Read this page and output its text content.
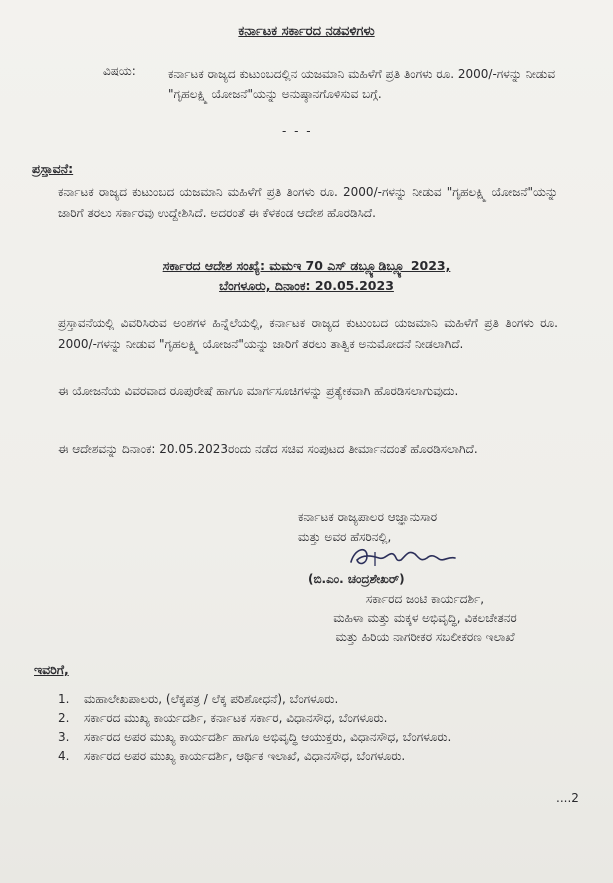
ಕರ್ನಾಟಕ ಸರ್ಕಾರದ ನಡವಳಿಗಳು

ವಿಷಯ:	ಕರ್ನಾಟಕ ರಾಜ್ಯದ ಕುಟುಂಬದಲ್ಲಿನ ಯಜಮಾನಿ ಮಹಿಳೆಗೆ ಪ್ರತಿ ತಿಂಗಳು ರೂ. 2000/-ಗಳನ್ನು ನೀಡುವ "ಗೃಹಲಕ್ಷ್ಮಿ ಯೋಜನೆ"ಯನ್ನು ಅನುಷ್ಠಾನಗೊಳಿಸುವ ಬಗ್ಗೆ.

- - -

ಪ್ರಸ್ತಾವನೆ:

ಕರ್ನಾಟಕ ರಾಜ್ಯದ ಕುಟುಂಬದ ಯಜಮಾನಿ ಮಹಿಳೆಗೆ ಪ್ರತಿ ತಿಂಗಳು ರೂ. 2000/-ಗಳನ್ನು ನೀಡುವ "ಗೃಹಲಕ್ಷ್ಮಿ ಯೋಜನೆ"ಯನ್ನು ಜಾರಿಗೆ ತರಲು ಸರ್ಕಾರವು ಉದ್ದೇಶಿಸಿದೆ. ಅದರಂತೆ ಈ ಕೆಳಕಂಡ ಆದೇಶ ಹೊರಡಿಸಿದೆ.

ಸರ್ಕಾರದ ಆದೇಶ ಸಂಖ್ಯೆ: ಮಮಇ 70 ಎಸ್ ಡಬ್ಲ್ಯೂಡಿಬ್ಲ್ಯೂ 2023,
ಬೆಂಗಳೂರು, ದಿನಾಂಕ: 20.05.2023

ಪ್ರಸ್ತಾವನೆಯಲ್ಲಿ ವಿವರಿಸಿರುವ ಅಂಶಗಳ ಹಿನ್ನೆಲೆಯಲ್ಲಿ, ಕರ್ನಾಟಕ ರಾಜ್ಯದ ಕುಟುಂಬದ ಯಜಮಾನಿ ಮಹಿಳೆಗೆ ಪ್ರತಿ ತಿಂಗಳು ರೂ. 2000/-ಗಳನ್ನು ನೀಡುವ "ಗೃಹಲಕ್ಷ್ಮಿ ಯೋಜನೆ"ಯನ್ನು ಜಾರಿಗೆ ತರಲು ತಾತ್ವಿಕ ಅನುಮೋದನೆ ನೀಡಲಾಗಿದೆ.

ಈ ಯೋಜನೆಯ ವಿವರವಾದ ರೂಪುರೇಷೆ ಹಾಗೂ ಮಾರ್ಗಸೂಚಿಗಳನ್ನು ಪ್ರತ್ಯೇಕವಾಗಿ ಹೊರಡಿಸಲಾಗುವುದು.

ಈ ಆದೇಶವನ್ನು ದಿನಾಂಕ: 20.05.2023ರಂದು ನಡೆದ ಸಚಿವ ಸಂಪುಟದ ತೀರ್ಮಾನದಂತೆ ಹೊರಡಿಸಲಾಗಿದೆ.

ಕರ್ನಾಟಕ ರಾಜ್ಯಪಾಲರ ಆಜ್ಞಾನುಸಾರ
ಮತ್ತು ಅವರ ಹೆಸರಿನಲ್ಲಿ,

(ಬಿ.ಎಂ. ಚಂದ್ರಶೇಖರ್)

ಸರ್ಕಾರದ ಜಂಟಿ ಕಾರ್ಯದರ್ಶಿ,
ಮಹಿಳಾ ಮತ್ತು ಮಕ್ಕಳ ಅಭಿವೃದ್ಧಿ, ವಿಕಲಚೇತನರ
ಮತ್ತು ಹಿರಿಯ ನಾಗರೀಕರ ಸಬಲೀಕರಣ ಇಲಾಖೆ

ಇವರಿಗೆ,

1.	ಮಹಾಲೇಖಪಾಲರು, (ಲೆಕ್ಕಪತ್ರ / ಲೆಕ್ಕ ಪರಿಶೋಧನೆ), ಬೆಂಗಳೂರು.
2.	ಸರ್ಕಾರದ ಮುಖ್ಯ ಕಾರ್ಯದರ್ಶಿ, ಕರ್ನಾಟಕ ಸರ್ಕಾರ, ವಿಧಾನಸೌಧ, ಬೆಂಗಳೂರು.
3.	ಸರ್ಕಾರದ ಅಪರ ಮುಖ್ಯ ಕಾರ್ಯದರ್ಶಿ ಹಾಗೂ ಅಭಿವೃದ್ಧಿ ಆಯುಕ್ತರು, ವಿಧಾನಸೌಧ, ಬೆಂಗಳೂರು.
4.	ಸರ್ಕಾರದ ಅಪರ ಮುಖ್ಯ ಕಾರ್ಯದರ್ಶಿ, ಆರ್ಥಿಕ ಇಲಾಖೆ, ವಿಧಾನಸೌಧ, ಬೆಂಗಳೂರು.

....2
